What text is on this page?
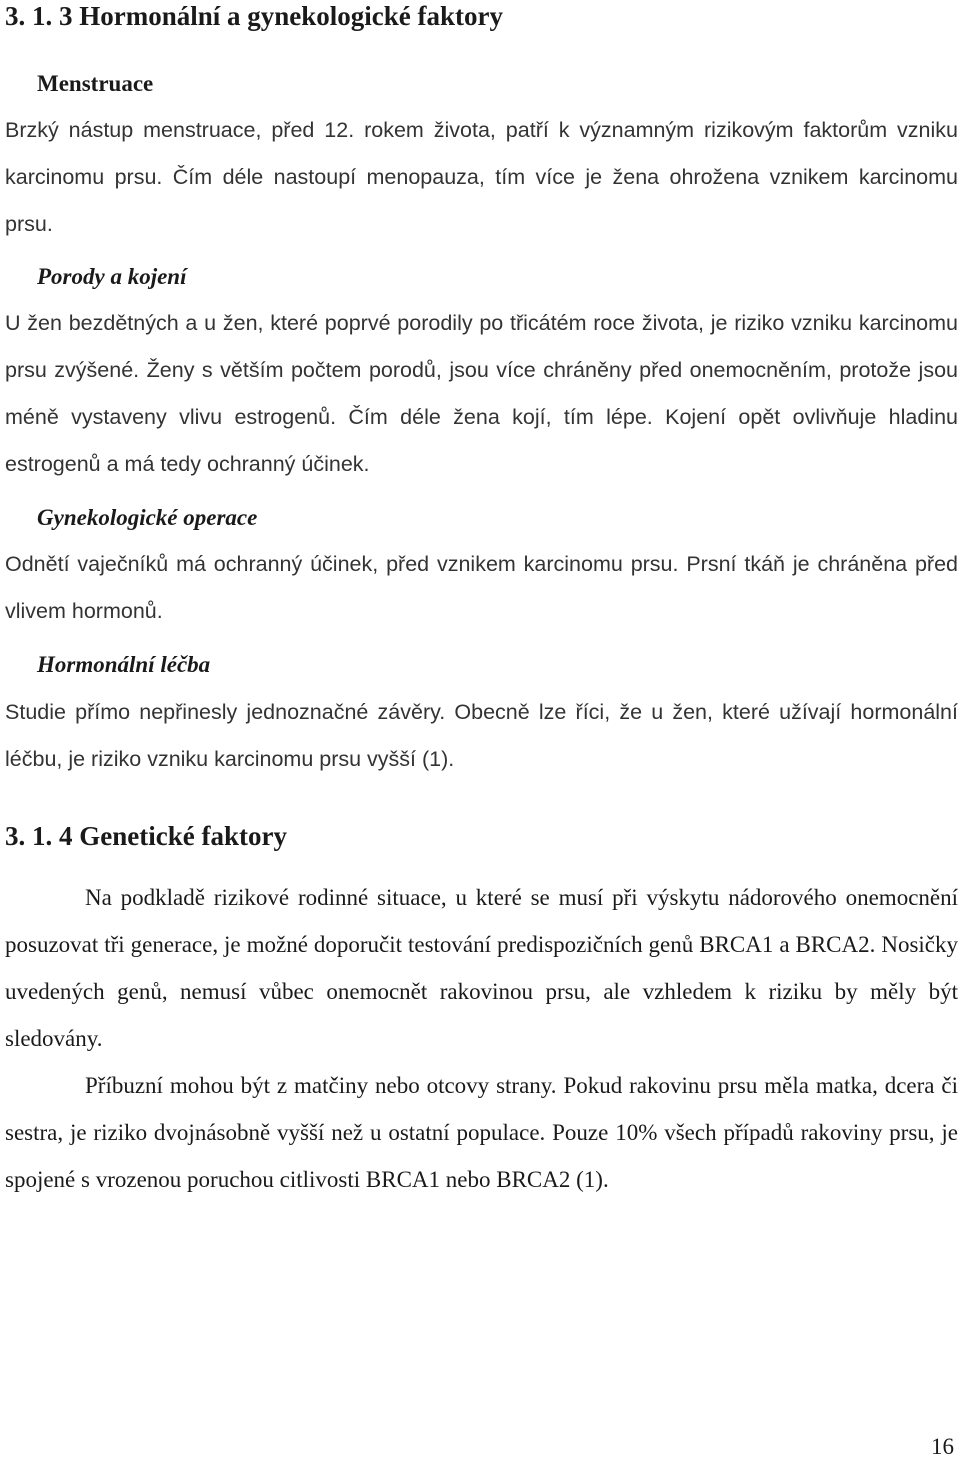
3. 1. 3 Hormonální a gynekologické faktory
Menstruace

Brzký nástup menstruace, před 12. rokem života, patří k významným rizikovým faktorům vzniku karcinomu prsu. Čím déle nastoupí menopauza, tím více je žena ohrožena vznikem karcinomu prsu.

Porody a kojení

U žen bezdětných a u žen, které poprvé porodily po třicátém roce života, je riziko vzniku karcinomu prsu zvýšené. Ženy s větším počtem porodů, jsou více chráněny před onemocněním, protože jsou méně vystaveny vlivu estrogenů. Čím déle žena kojí, tím lépe. Kojení opět ovlivňuje hladinu estrogenů a má tedy ochranný účinek.

Gynekologické operace

Odnětí vaječníků má ochranný účinek, před vznikem karcinomu prsu. Prsní tkáň je chráněna před vlivem hormonů.

Hormonální léčba

Studie přímo nepřinesly jednoznačné závěry. Obecně lze říci, že u žen, které užívají hormonální léčbu, je riziko vzniku karcinomu prsu vyšší (1).

3. 1. 4 Genetické faktory

Na podkladě rizikové rodinné situace, u které se musí při výskytu nádorového onemocnění posuzovat tři generace, je možné doporučit testování predispozičních genů BRCA1 a BRCA2. Nosičky uvedených genů, nemusí vůbec onemocnět rakovinou prsu, ale vzhledem k riziku by měly být sledovány.

Příbuzní mohou být z matčiny nebo otcovy strany. Pokud rakovinu prsu měla matka, dcera či sestra, je riziko dvojnásobně vyšší než u ostatní populace. Pouze 10% všech případů rakoviny prsu, je spojené s vrozenou poruchou citlivosti BRCA1 nebo BRCA2 (1).

16
